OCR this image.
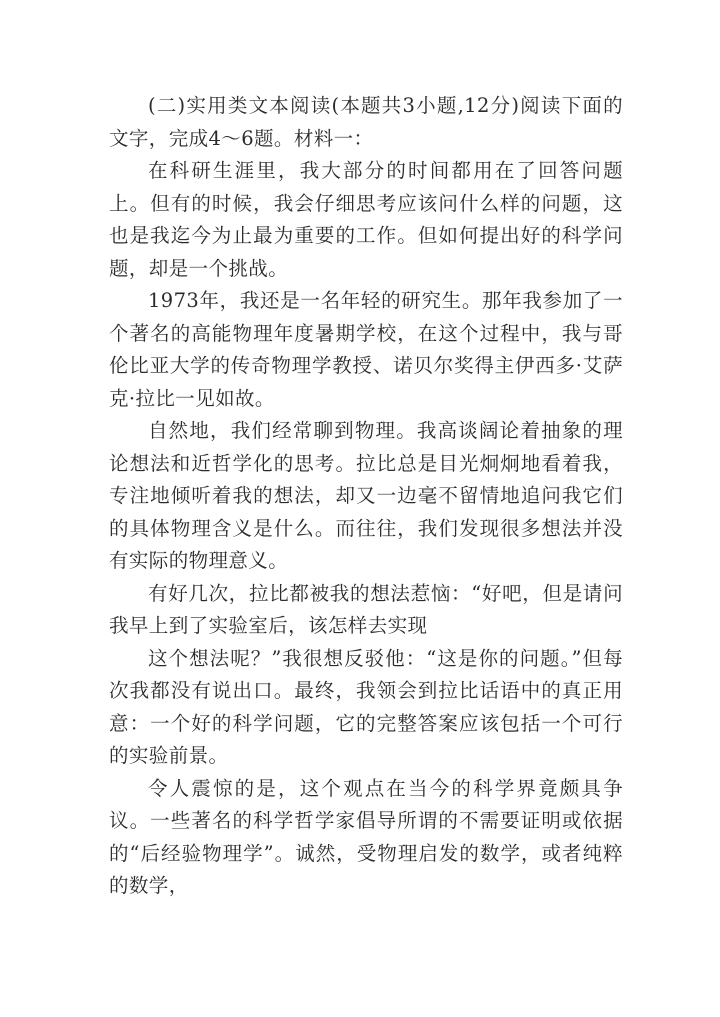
(二)实用类文本阅读(本题共3小题,12分)阅读下面的文字，完成4～6题。材料一：

在科研生涯里，我大部分的时间都用在了回答问题上。但有的时候，我会仔细思考应该问什么样的问题，这也是我迄今为止最为重要的工作。但如何提出好的科学问题，却是一个挑战。

1973年，我还是一名年轻的研究生。那年我参加了一个著名的高能物理年度暑期学校，在这个过程中，我与哥伦比亚大学的传奇物理学教授、诺贝尔奖得主伊西多·艾萨克·拉比一见如故。

自然地，我们经常聊到物理。我高谈阔论着抽象的理论想法和近哲学化的思考。拉比总是目光炯炯地看着我，专注地倾听着我的想法，却又一边毫不留情地追问我它们的具体物理含义是什么。而往往，我们发现很多想法并没有实际的物理意义。

有好几次，拉比都被我的想法惹恼：“好吧，但是请问我早上到了实验室后，该怎样去实现

这个想法呢？”我很想反驳他：“这是你的问题。”但每次我都没有说出口。最终，我领会到拉比话语中的真正用意：一个好的科学问题，它的完整答案应该包括一个可行的实验前景。

令人震惊的是，这个观点在当今的科学界竟颇具争议。一些著名的科学哲学家倡导所谓的不需要证明或依据的“后经验物理学”。诚然，受物理启发的数学，或者纯粹的数学，
